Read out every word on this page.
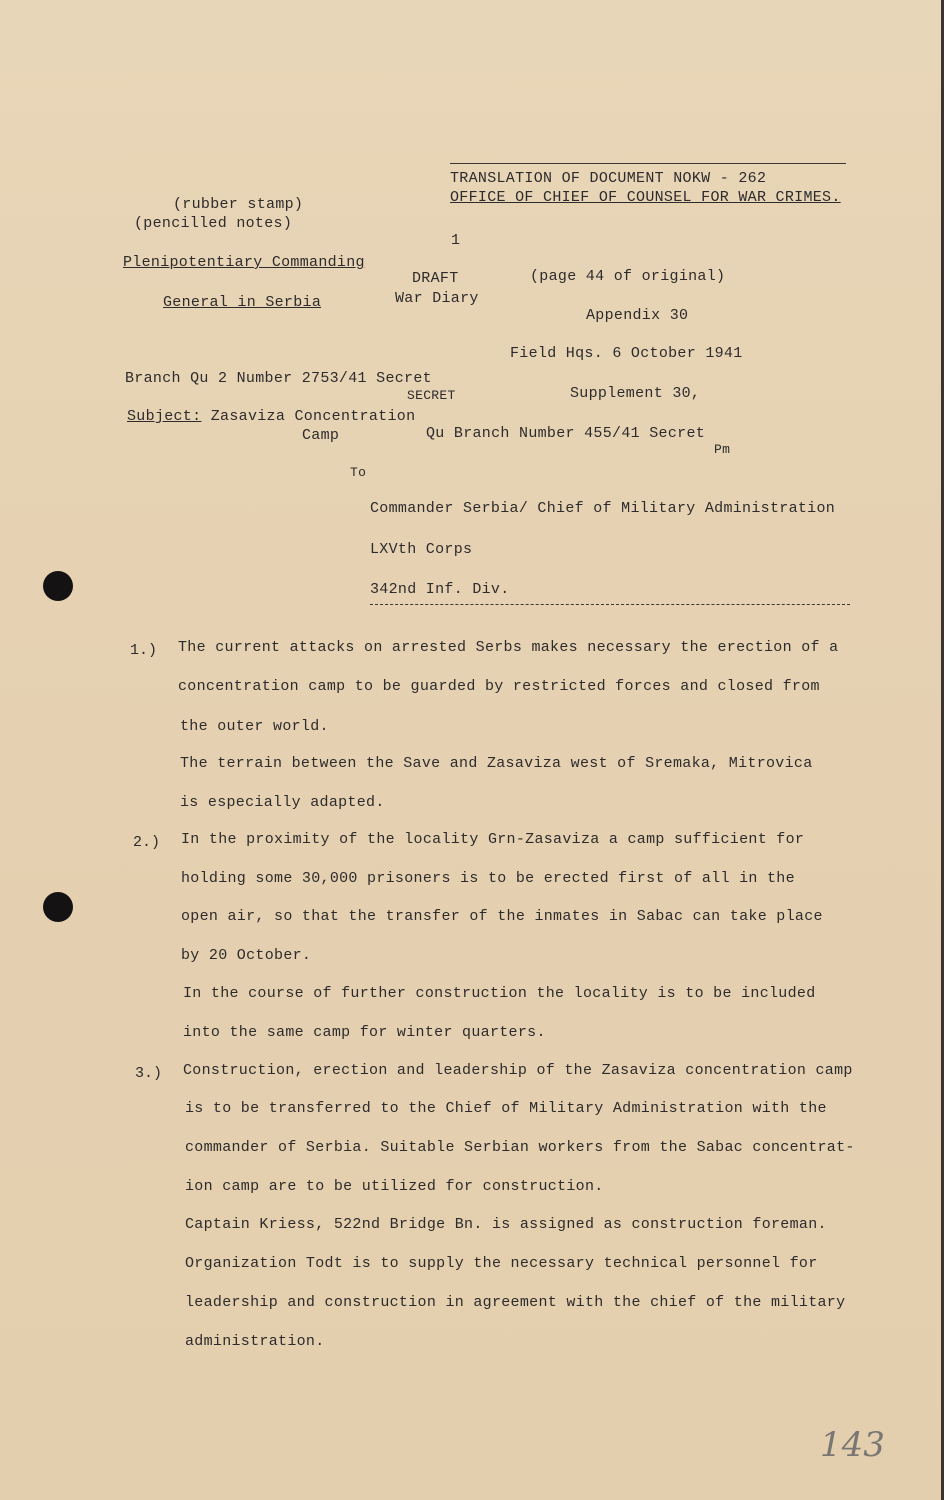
TRANSLATION OF DOCUMENT NOKW - 262
OFFICE OF CHIEF OF COUNSEL FOR WAR CRIMES.
(rubber stamp)
(pencilled notes)
1
Plenipotentiary Commanding
General in Serbia
DRAFT
War Diary
(page 44 of original)
Appendix 30
Field Hqs. 6 October 1941
Branch Qu 2 Number 2753/41 Secret
SECRET	Supplement 30,
Subject: Zasaviza Concentration
Camp	Qu Branch Number 455/41 Secret
Pm
To
Commander Serbia/ Chief of Military Administration
LXVth Corps
342nd Inf. Div.
1.) The current attacks on arrested Serbs makes necessary the erection of a
concentration camp to be guarded by restricted forces and closed from
the outer world.
The terrain between the Save and Zasaviza west of Sremaka, Mitrovica
is especially adapted.
2.) In the proximity of the locality Grn-Zasaviza a camp sufficient for
holding some 30,000 prisoners is to be erected first of all in the
open air, so that the transfer of the inmates in Sabac can take place
by 20 October.
In the course of further construction the locality is to be included
into the same camp for winter quarters.
3.) Construction, erection and leadership of the Zasaviza concentration camp
is to be transferred to the Chief of Military Administration with the
commander of Serbia. Suitable Serbian workers from the Sabac concentrat-
ion camp are to be utilized for construction.
Captain Kriess, 522nd Bridge Bn. is assigned as construction foreman.
Organization Todt is to supply the necessary technical personnel for
leadership and construction in agreement with the chief of the military
administration.
143
